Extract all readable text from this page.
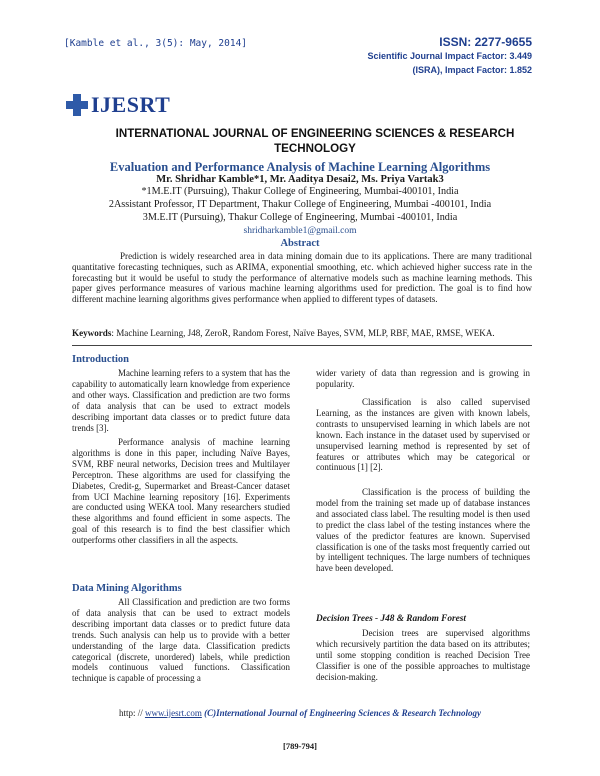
[Kamble et al., 3(5): May, 2014]	ISSN: 2277-9655
Scientific Journal Impact Factor: 3.449
(ISRA), Impact Factor: 1.852
IJESRT
INTERNATIONAL JOURNAL OF ENGINEERING SCIENCES & RESEARCH TECHNOLOGY
Evaluation and Performance Analysis of Machine Learning Algorithms
Mr. Shridhar Kamble*1, Mr. Aaditya Desai2, Ms. Priya Vartak3
*1M.E.IT (Pursuing), Thakur College of Engineering, Mumbai-400101, India
2Assistant Professor, IT Department, Thakur College of Engineering, Mumbai -400101, India
3M.E.IT (Pursuing), Thakur College of Engineering, Mumbai -400101, India
shridharkamble1@gmail.com
Abstract
Prediction is widely researched area in data mining domain due to its applications. There are many traditional quantitative forecasting techniques, such as ARIMA, exponential smoothing, etc. which achieved higher success rate in the forecasting but it would be useful to study the performance of alternative models such as machine learning methods. This paper gives performance measures of various machine learning algorithms used for prediction. The goal is to find how different machine learning algorithms gives performance when applied to different types of datasets.
Keywords: Machine Learning, J48, ZeroR, Random Forest, Naïve Bayes, SVM, MLP, RBF, MAE, RMSE, WEKA.
Introduction
Machine learning refers to a system that has the capability to automatically learn knowledge from experience and other ways. Classification and prediction are two forms of data analysis that can be used to extract models describing important data classes or to predict future data trends [3].
Performance analysis of machine learning algorithms is done in this paper, including Naïve Bayes, SVM, RBF neural networks, Decision trees and Multilayer Perceptron. These algorithms are used for classifying the Diabetes, Credit-g, Supermarket and Breast-Cancer dataset from UCI Machine learning repository [16]. Experiments are conducted using WEKA tool. Many researchers studied these algorithms and found efficient in some aspects. The goal of this research is to find the best classifier which outperforms other classifiers in all the aspects.
Data Mining Algorithms
All Classification and prediction are two forms of data analysis that can be used to extract models describing important data classes or to predict future data trends. Such analysis can help us to provide with a better understanding of the large data. Classification predicts categorical (discrete, unordered) labels, while prediction models continuous valued functions. Classification technique is capable of processing a
wider variety of data than regression and is growing in popularity.
Classification is also called supervised Learning, as the instances are given with known labels, contrasts to unsupervised learning in which labels are not known. Each instance in the dataset used by supervised or unsupervised learning method is represented by set of features or attributes which may be categorical or continuous [1] [2].
Classification is the process of building the model from the training set made up of database instances and associated class label. The resulting model is then used to predict the class label of the testing instances where the values of the predictor features are known. Supervised classification is one of the tasks most frequently carried out by intelligent techniques. The large numbers of techniques have been developed.
Decision Trees - J48 & Random Forest
Decision trees are supervised algorithms which recursively partition the data based on its attributes; until some stopping condition is reached Decision Tree Classifier is one of the possible approaches to multistage decision-making.
http: // www.ijesrt.com (C)International Journal of Engineering Sciences & Research Technology
[789-794]
